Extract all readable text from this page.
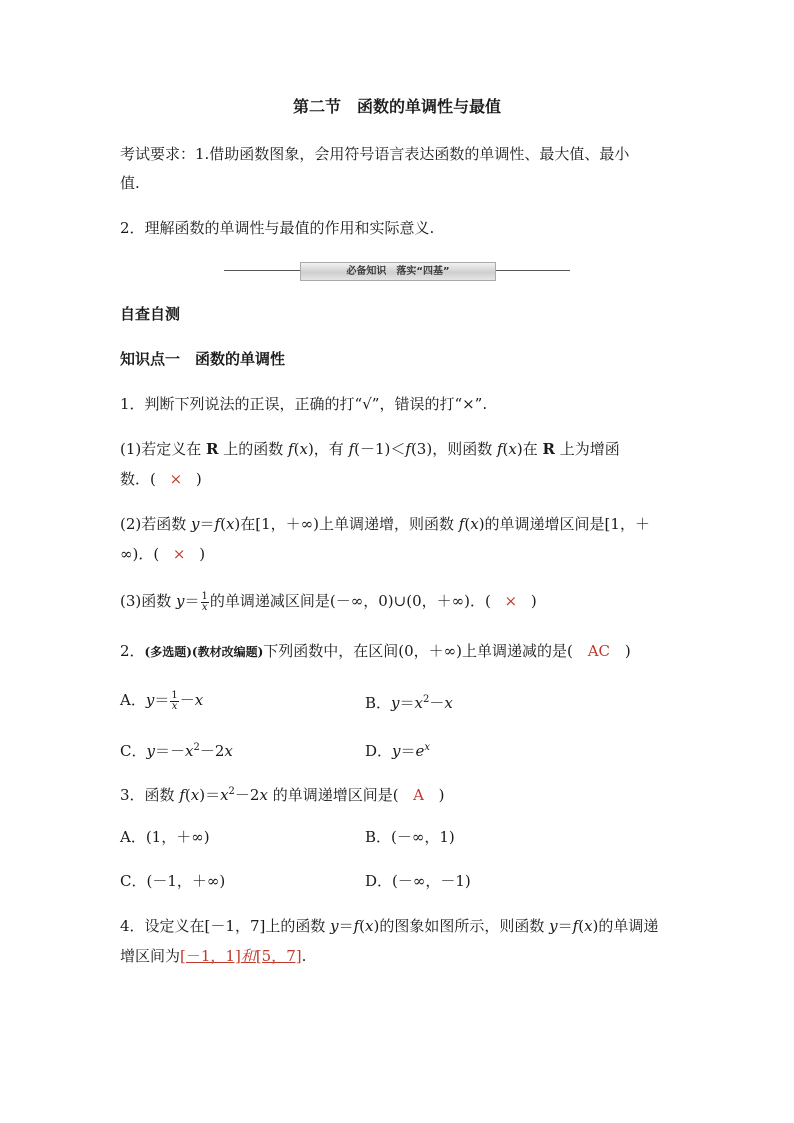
第二节　函数的单调性与最值
考试要求：1.借助函数图象，会用符号语言表达函数的单调性、最大值、最小
值.
2．理解函数的单调性与最值的作用和实际意义.
必备知识　落实“四基”
自查自测
知识点一　函数的单调性
1．判断下列说法的正误，正确的打“√”，错误的打“×”.
(1)若定义在 R 上的函数 f(x)，有 f(－1)＜f(3)，则函数 f(x)在 R 上为增函
数．( × )
(2)若函数 y＝f(x)在[1，＋∞)上单调递增，则函数 f(x)的单调递增区间是[1，＋
∞)．( × )
(3)函数 $y= \frac{1}{x}$ 的单调递减区间是(－∞，0)∪(0，＋∞)．( × )
2．(多选题)(教材改编题)下列函数中，在区间(0，＋∞)上单调递减的是( AC )
A．$y= \frac{1}{x} -x$	B．$y=x^2-x$
C．$y=-x^2-2x$	D．$y=e^x$
3．函数 $f(x)=x^2-2x$ 的单调递增区间是( A )
A．(1，＋∞)	B．(－∞，1)
C．(－1，＋∞)	D．(－∞，－1)
4．设定义在[－1，7]上的函数 y＝f(x)的图象如图所示，则函数 y＝f(x)的单调递
增区间为[－1，1]和[5，7].
